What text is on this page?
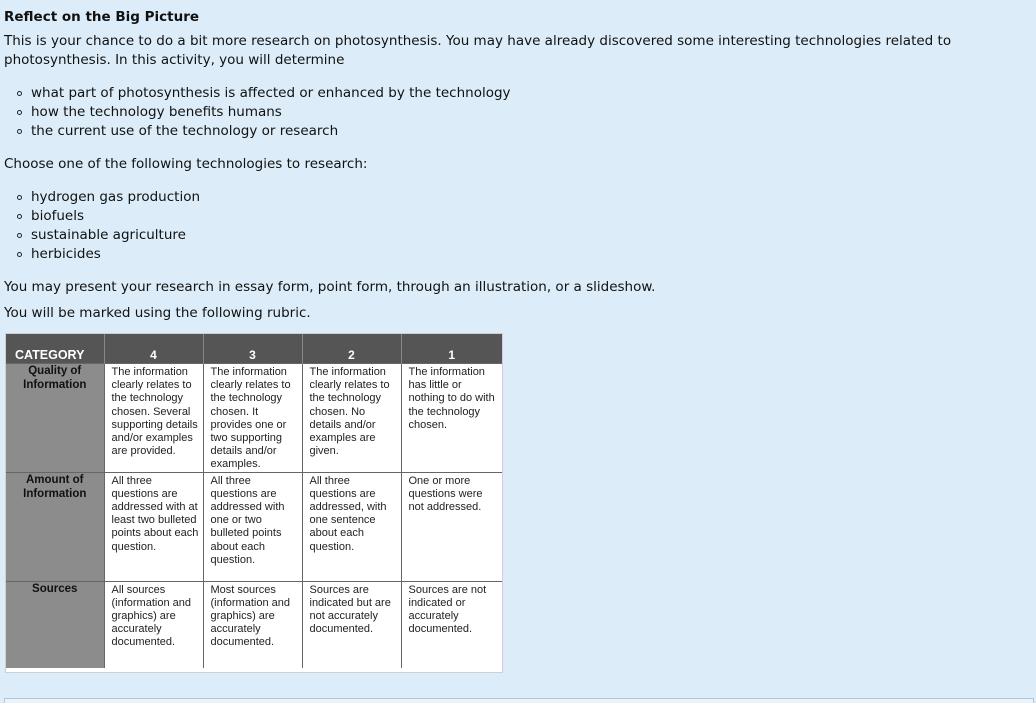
Reflect on the Big Picture

This is your chance to do a bit more research on photosynthesis. You may have already discovered some interesting technologies related to photosynthesis. In this activity, you will determine

what part of photosynthesis is affected or enhanced by the technology
how the technology benefits humans
the current use of the technology or research

Choose one of the following technologies to research:

hydrogen gas production
biofuels
sustainable agriculture
herbicides

You may present your research in essay form, point form, through an illustration, or a slideshow.

You will be marked using the following rubric.

CATEGORY	4	3	2	1
Quality of Information	The information clearly relates to the technology chosen. Several supporting details and/or examples are provided.	The information clearly relates to the technology chosen. It provides one or two supporting details and/or examples.	The information clearly relates to the technology chosen. No details and/or examples are given.	The information has little or nothing to do with the technology chosen.
Amount of Information	All three questions are addressed with at least two bulleted points about each question.	All three questions are addressed with one or two bulleted points about each question.	All three questions are addressed, with one sentence about each question.	One or more questions were not addressed.
Sources	All sources (information and graphics) are accurately documented.	Most sources (information and graphics) are accurately documented.	Sources are indicated but are not accurately documented.	Sources are not indicated or accurately documented.
